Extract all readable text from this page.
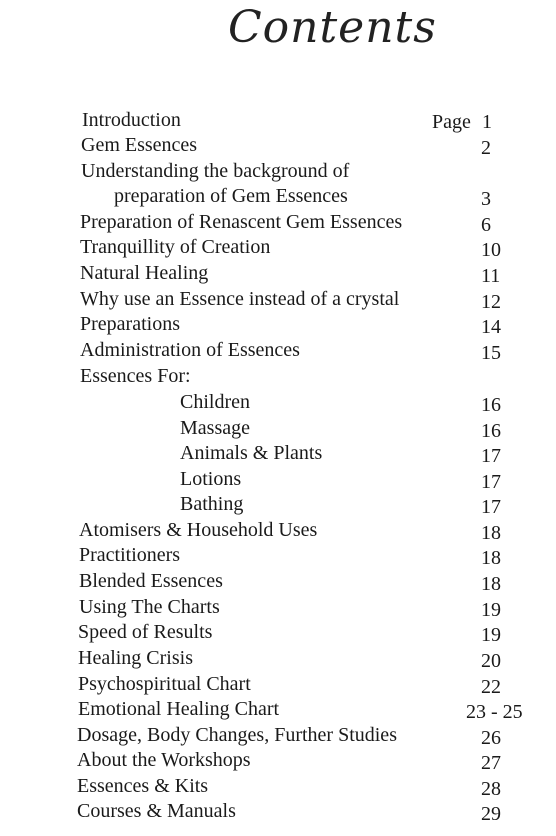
Contents
Introduction	Page 1
Gem Essences	2
Understanding the background of
preparation of Gem Essences	3
Preparation of Renascent Gem Essences	6
Tranquillity of Creation	10
Natural Healing	11
Why use an Essence instead of a crystal	12
Preparations	14
Administration of Essences	15
Essences For:
Children	16
Massage	16
Animals & Plants	17
Lotions	17
Bathing	17
Atomisers & Household Uses	18
Practitioners	18
Blended Essences	18
Using The Charts	19
Speed of Results	19
Healing Crisis	20
Psychospiritual Chart	22
Emotional Healing Chart	23 - 25
Dosage, Body Changes, Further Studies	26
About the Workshops	27
Essences & Kits	28
Courses & Manuals	29
